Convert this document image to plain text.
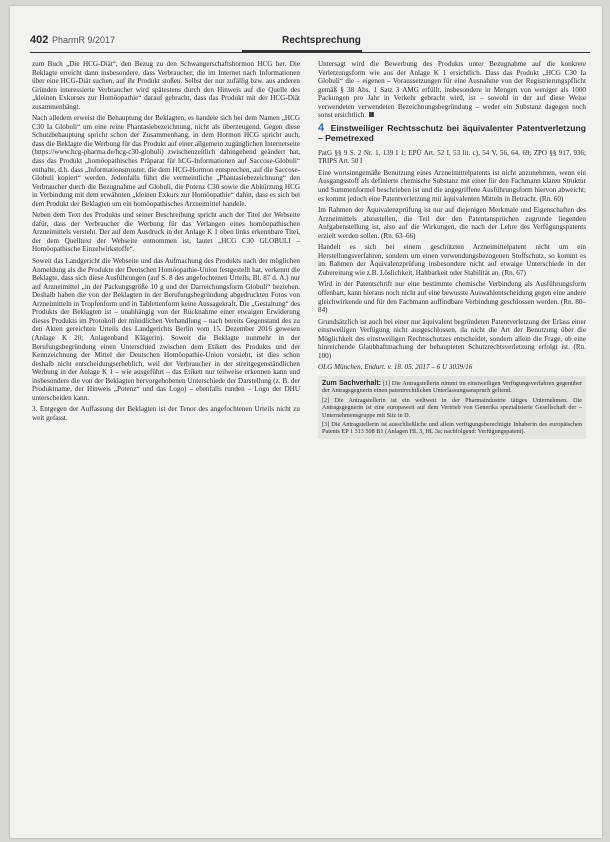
402 PharmR 9/2017	Rechtsprechung

zum Buch „Die HCG-Diät“, den Bezug zu den Schwangerschaftshormon HCG her. Die Beklagte erreicht dann insbesondere, dass Verbraucher, die im Internet nach Informationen über eine HCG-Diät suchen, auf ihr Produkt stoßen. Selbst der nur zufällig bzw. aus anderen Gründen interessierte Verbraucher wird spätestens durch den Hinweis auf die Quelle des „kleinen Exkurses zur Homöopathie“ darauf gebracht, dass das Produkt mit der HCG-Diät zusammenhängt.

Nach alledem erweist die Behauptung der Beklagten, es handele sich bei dem Namen „HCG C30 Ia Globuli“ um eine reine Phantasiebezeichnung, nicht als überzeugend. Gegen diese Schutzbehauptung spricht schon der Zusammenhang, in dem Hormon HCG spricht auch, dass die Beklagte die Werbung für das Produkt auf einer allgemein zugänglichen Internetseite (https://www.hcg-pharma.de/hcg-c30-globuli) zwischenzeitlich dahingehend geändert hat, dass das Produkt „homöopathisches Präparat für hCG-Informationen auf Saccose-Globuli“ enthalte, d.h. dass „Informationsmuster, die dem HCG-Hormon entsprechen, auf die Saccose-Globuli kopiert“ werden. Jedenfalls führt die vermeintliche „Phantasiebezeichnung“ den Verbraucher durch die Bezugnahme auf Globuli, die Potenz C30 sowie die Abkürzung HCG in Verbindung mit dem erwähnten „kleinen Exkurs zur Homöopathie“ dahin, dass es sich bei dem Produkt der Beklagten um ein homöopathisches Arzneimittel handele.

Neben dem Text des Produkts und seiner Beschreibung spricht auch der Titel der Webseite dafür, dass der Verbraucher die Werbung für das Verlangen eines homöopathischen Arzneimittels versteht. Der auf dem Ausdruck in der Anlage K 1 oben links erkennbare Titel, der dem Quelltext der Webseite entnommen ist, lautet „HCG C30 GLOBULI – Homöopathische Einzelwirkstoffe“.

Soweit das Landgericht die Webseite und das Aufmachung des Produkts nach der möglichen Anmeldung als die Produkte der Deutschen Homöopathie-Union festgestellt hat, verkennt die Beklagte, dass sich diese Ausführungen (auf S. 8 des angefochtenen Urteils, Bl. 87 d. A.) nur auf Arzneimittel „in der Packungsgröße 10 g und der Darreichungsform Globuli“ beziehen. Deshalb haben die von der Beklagten in der Berufungsbegründung abgedruckten Fotos von Arzneimitteln in Tropfenform und in Tablettenform keine Aussagekraft. Die „Gestaltung“ des Produkts der Beklagten ist – unabhängig von der Rücknahme einer etwaigen Erwiderung dieses Produkts im Protokoll der mündlichen Verhandlung – nach bereits Gegenstand des zu den Akten gereichten Urteils des Landgerichts Berlin vom 15. Dezember 2016 gewesen (Anlage K 20; Anlagenband Klägerin). Soweit die Beklagte nunmehr in der Berufungsbegründung einen Unterschied zwischen dem Etikett des Produkts und der Kennzeichnung der Mittel der Deutschen Homöopathie-Union vorsieht, ist dies schon deshalb nicht entscheidungserheblich, weil der Verbraucher in der streitgegenständlichen Werbung in der Anlage K 1 – wie ausgeführt – das Etikett nur teilweise erkennen kann und insbesondere die von der Beklagten hervorgehobenen Unterschiede der Darstellung (z. B. der Produktname, der Hinweis „Potenz“ und das Logo) – ebenfalls runden – Logo der DHU unterscheiden kann.

3. Entgegen der Auffassung der Beklagten ist der Tenor des angefochtenen Urteils nicht zu weit gefasst.

Untersagt wird die Bewerbung des Produkts unter Bezugnahme auf die konkrete Verletzungsform wie aus der Anlage K 1 ersichtlich. Dass das Produkt „HCG C30 Ia Globuli“ die – eigenen – Voraussetzungen für eine Ausnahme von der Registrierungspflicht gemäß § 38 Abs. 1 Satz 3 AMG erfüllt, insbesondere in Mengen von weniger als 1000 Packungen pro Jahr in Verkehr gebracht wird, ist – sowohl in der auf diese Weise verwendeten verwendeten Bezeichnungsbegründung – weder ein Substanz dagegen noch sonst ersichtlich.

4 Einstweiliger Rechtsschutz bei äquivalenter Patentverletzung – Pemetrexed

PatG §§ 9 S. 2 Nr. 1, 139 I 1; EPÜ Art. 52 I, 53 lit. c), 54 V, 56, 64, 69; ZPO §§ 917, 936; TRIPS Art. 50 I

Eine wortsinngemäße Benutzung eines Arzneimittelpatents ist nicht anzunehmen, wenn ein Ausgangsstoff als definierte chemische Substanz mit einer für den Fachmann klaren Struktur und Summenformel beschrieben ist und die angegriffene Ausführungsform hiervon abweicht; es kommt jedoch eine Patentverletzung mit äquivalenten Mitteln in Betracht. (Rn. 60)

Im Rahmen der Äquivalenzprüfung ist nur auf diejenigen Merkmale und Eigenschaften des Arzneimittels abzustellen, die Teil der den Patentansprüchen zugrunde liegenden Aufgabenstellung ist, also auf die Wirkungen, die nach der Lehre des Verfügungspatents erzielt werden sollen. (Rn. 63–66)

Handelt es sich bei einem geschützten Arzneimittelpatent nicht um ein Herstellungsverfahren, sondern um einen verwendungsbezogenen Stoffschutz, so kommt es im Rahmen der Äquivalenzprüfung insbesondere nicht auf etwaige Unterschiede in der Zubereitung wie z.B. Löslichkeit, Haltbarkeit oder Stabilität an. (Rn. 67)

Wird in der Patentschrift nur eine bestimmte chemische Verbindung als Ausführungsform offenbart, kann hieraus noch nicht auf eine bewusste Auswahlentscheidung gegen eine andere gleichwirkende und für den Fachmann auffindbare Verbindung geschlossen werden. (Rn. 80–84)

Grundsätzlich ist auch bei einer nur äquivalent begründeten Patentverletzung der Erlass einer einstweiligen Verfügung nicht ausgeschlossen, da nicht die Art der Benutzung über die Möglichkeit des einstweiligen Rechtsschutzes entscheidet, sondern allein die Frage, ob eine hinreichende Glaubhaftmachung der behaupteten Schutzrechtsverletzung erfolgt ist. (Rn. 100)

OLG München, Endurt. v. 18. 05. 2017 – 6 U 3039/16

Zum Sachverhalt: [1] Die Antragstellerin nimmt im einstweiligen Verfügungsverfahren gegenüber der Antragsgegnerin einen patentrechtlichen Unterlassungsanspruch geltend.

[2] Die Antragstellerin ist ein weltweit in der Pharmaindustrie tätiges Unternehmen. Die Antragsgegnerin ist eine europaweit auf dem Vertrieb von Generika spezialisierte Gesellschaft der – Unternehmensgruppe mit Sitz in D.

[3] Die Antragstellerin ist ausschließliche und allein verfügungsberechtigte Inhaberin des europäischen Patents EP 1 313 508 B1 (Anlagen HL 3, HL 3a; nachfolgend: Verfügungspatent).
